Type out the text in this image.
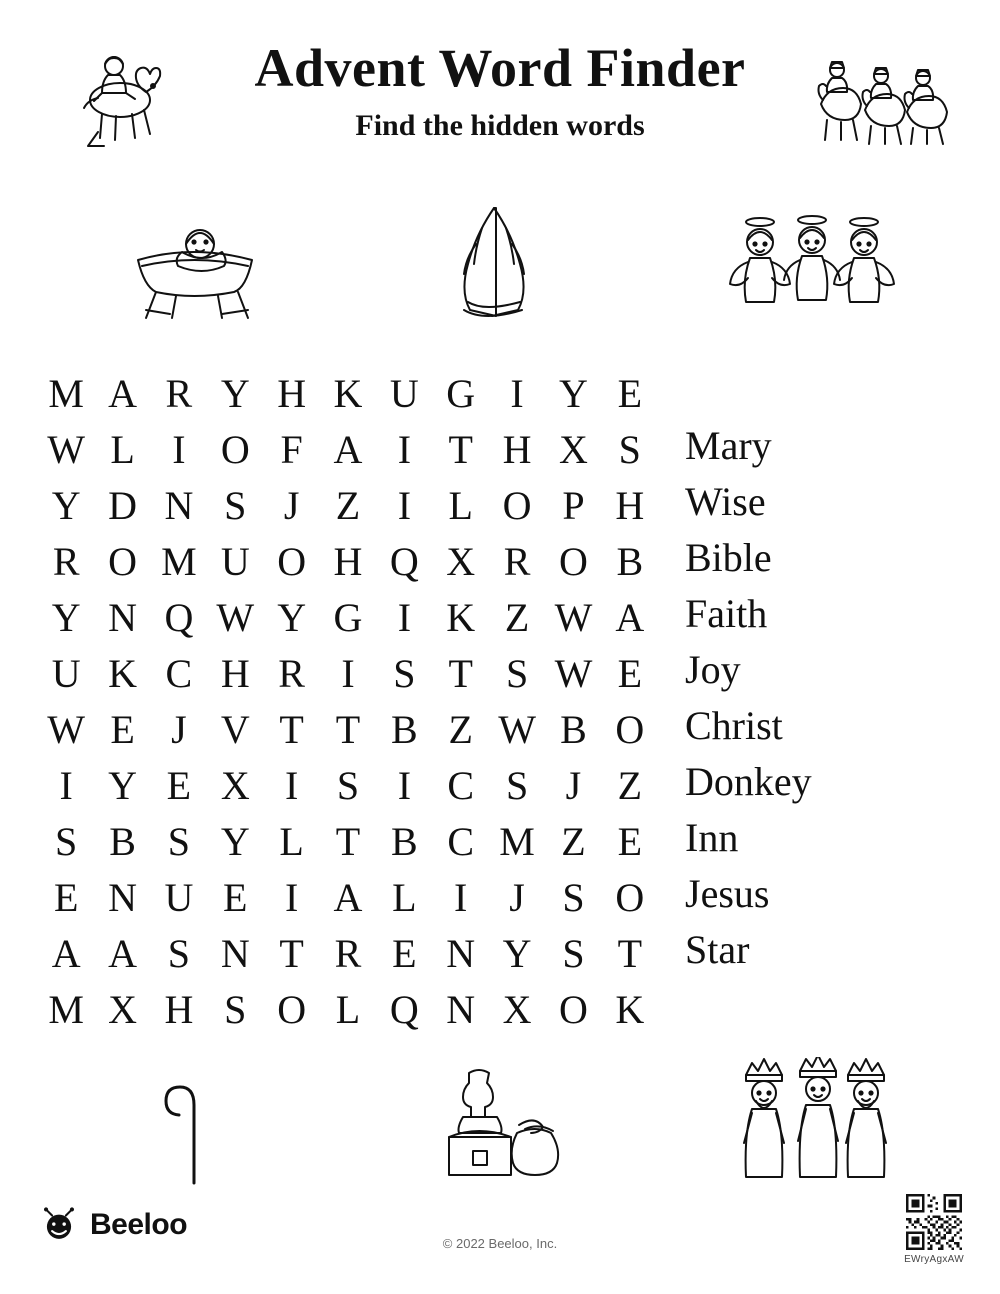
Advent Word Finder

Find the hidden words

M A R Y H K U G I Y E
W L I O F A I T H X S
Y D N S J Z I L O P H
R O M U O H Q X R O B
Y N Q W Y G I K Z W A
U K C H R I S T S W E
W E J V T T B Z W B O
I Y E X I S I C S J Z
S B S Y L T B C M Z E
E N U E I A L I	J S O
A A S N T R E N Y S T
M X H S O L Q N X O K
Mary
Wise
Bible
Faith
Joy
Christ
Donkey
Inn
Jesus
Star
Beeloo
© 2022 Beeloo, Inc.
EWryAgxAW
